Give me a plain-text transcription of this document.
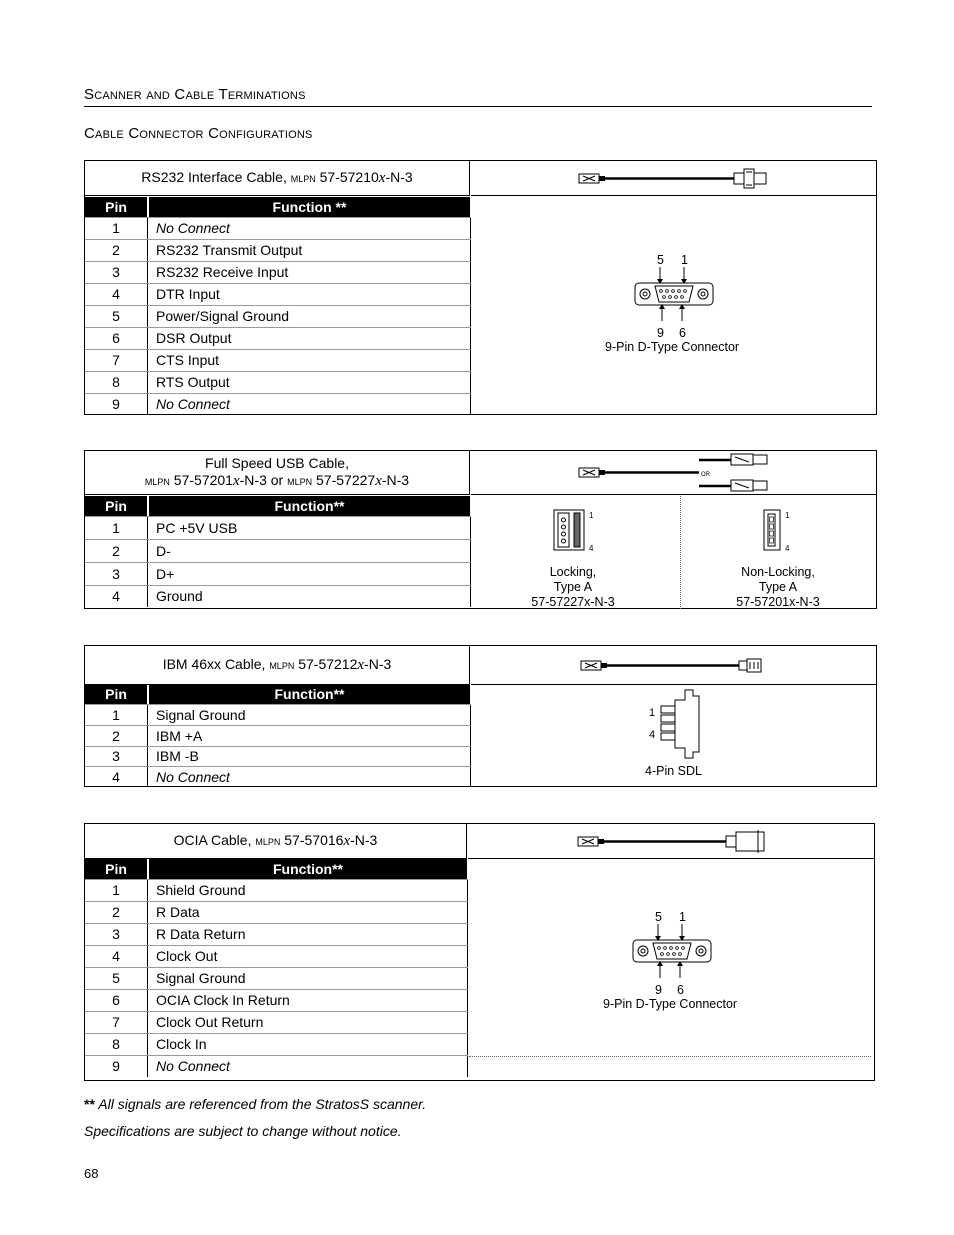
Scanner and Cable Terminations
Cable Connector Configurations
RS232 Interface Cable, mlpn 57-57210x-N-3
Pin	Function **
1	No Connect
2	RS232 Transmit Output
3	RS232 Receive Input
4	DTR Input
5	Power/Signal Ground
6	DSR Output
7	CTS Input
8	RTS Output
9	No Connect
5 1
9 6
9-Pin D-Type Connector
Full Speed USB Cable,
mlpn 57-57201x-N-3 or mlpn 57-57227x-N-3	OR
Pin	Function**
1	PC +5V USB
2	D-
3	D+
4	Ground
1
4
Locking,
Type A
57-57227x-N-3
1
4
Non-Locking,
Type A
57-57201x-N-3
IBM 46xx Cable, mlpn 57-57212x-N-3
Pin	Function**
1	Signal Ground
2	IBM +A
3	IBM -B
4	No Connect
1
4
4-Pin SDL
OCIA Cable, mlpn 57-57016x-N-3
Pin	Function**
1	Shield Ground
2	R Data
3	R Data Return
4	Clock Out
5	Signal Ground
6	OCIA Clock In Return
7	Clock Out Return
8	Clock In
9	No Connect
5 1
9 6
9-Pin D-Type Connector
** All signals are referenced from the StratosS scanner.
Specifications are subject to change without notice.
68
